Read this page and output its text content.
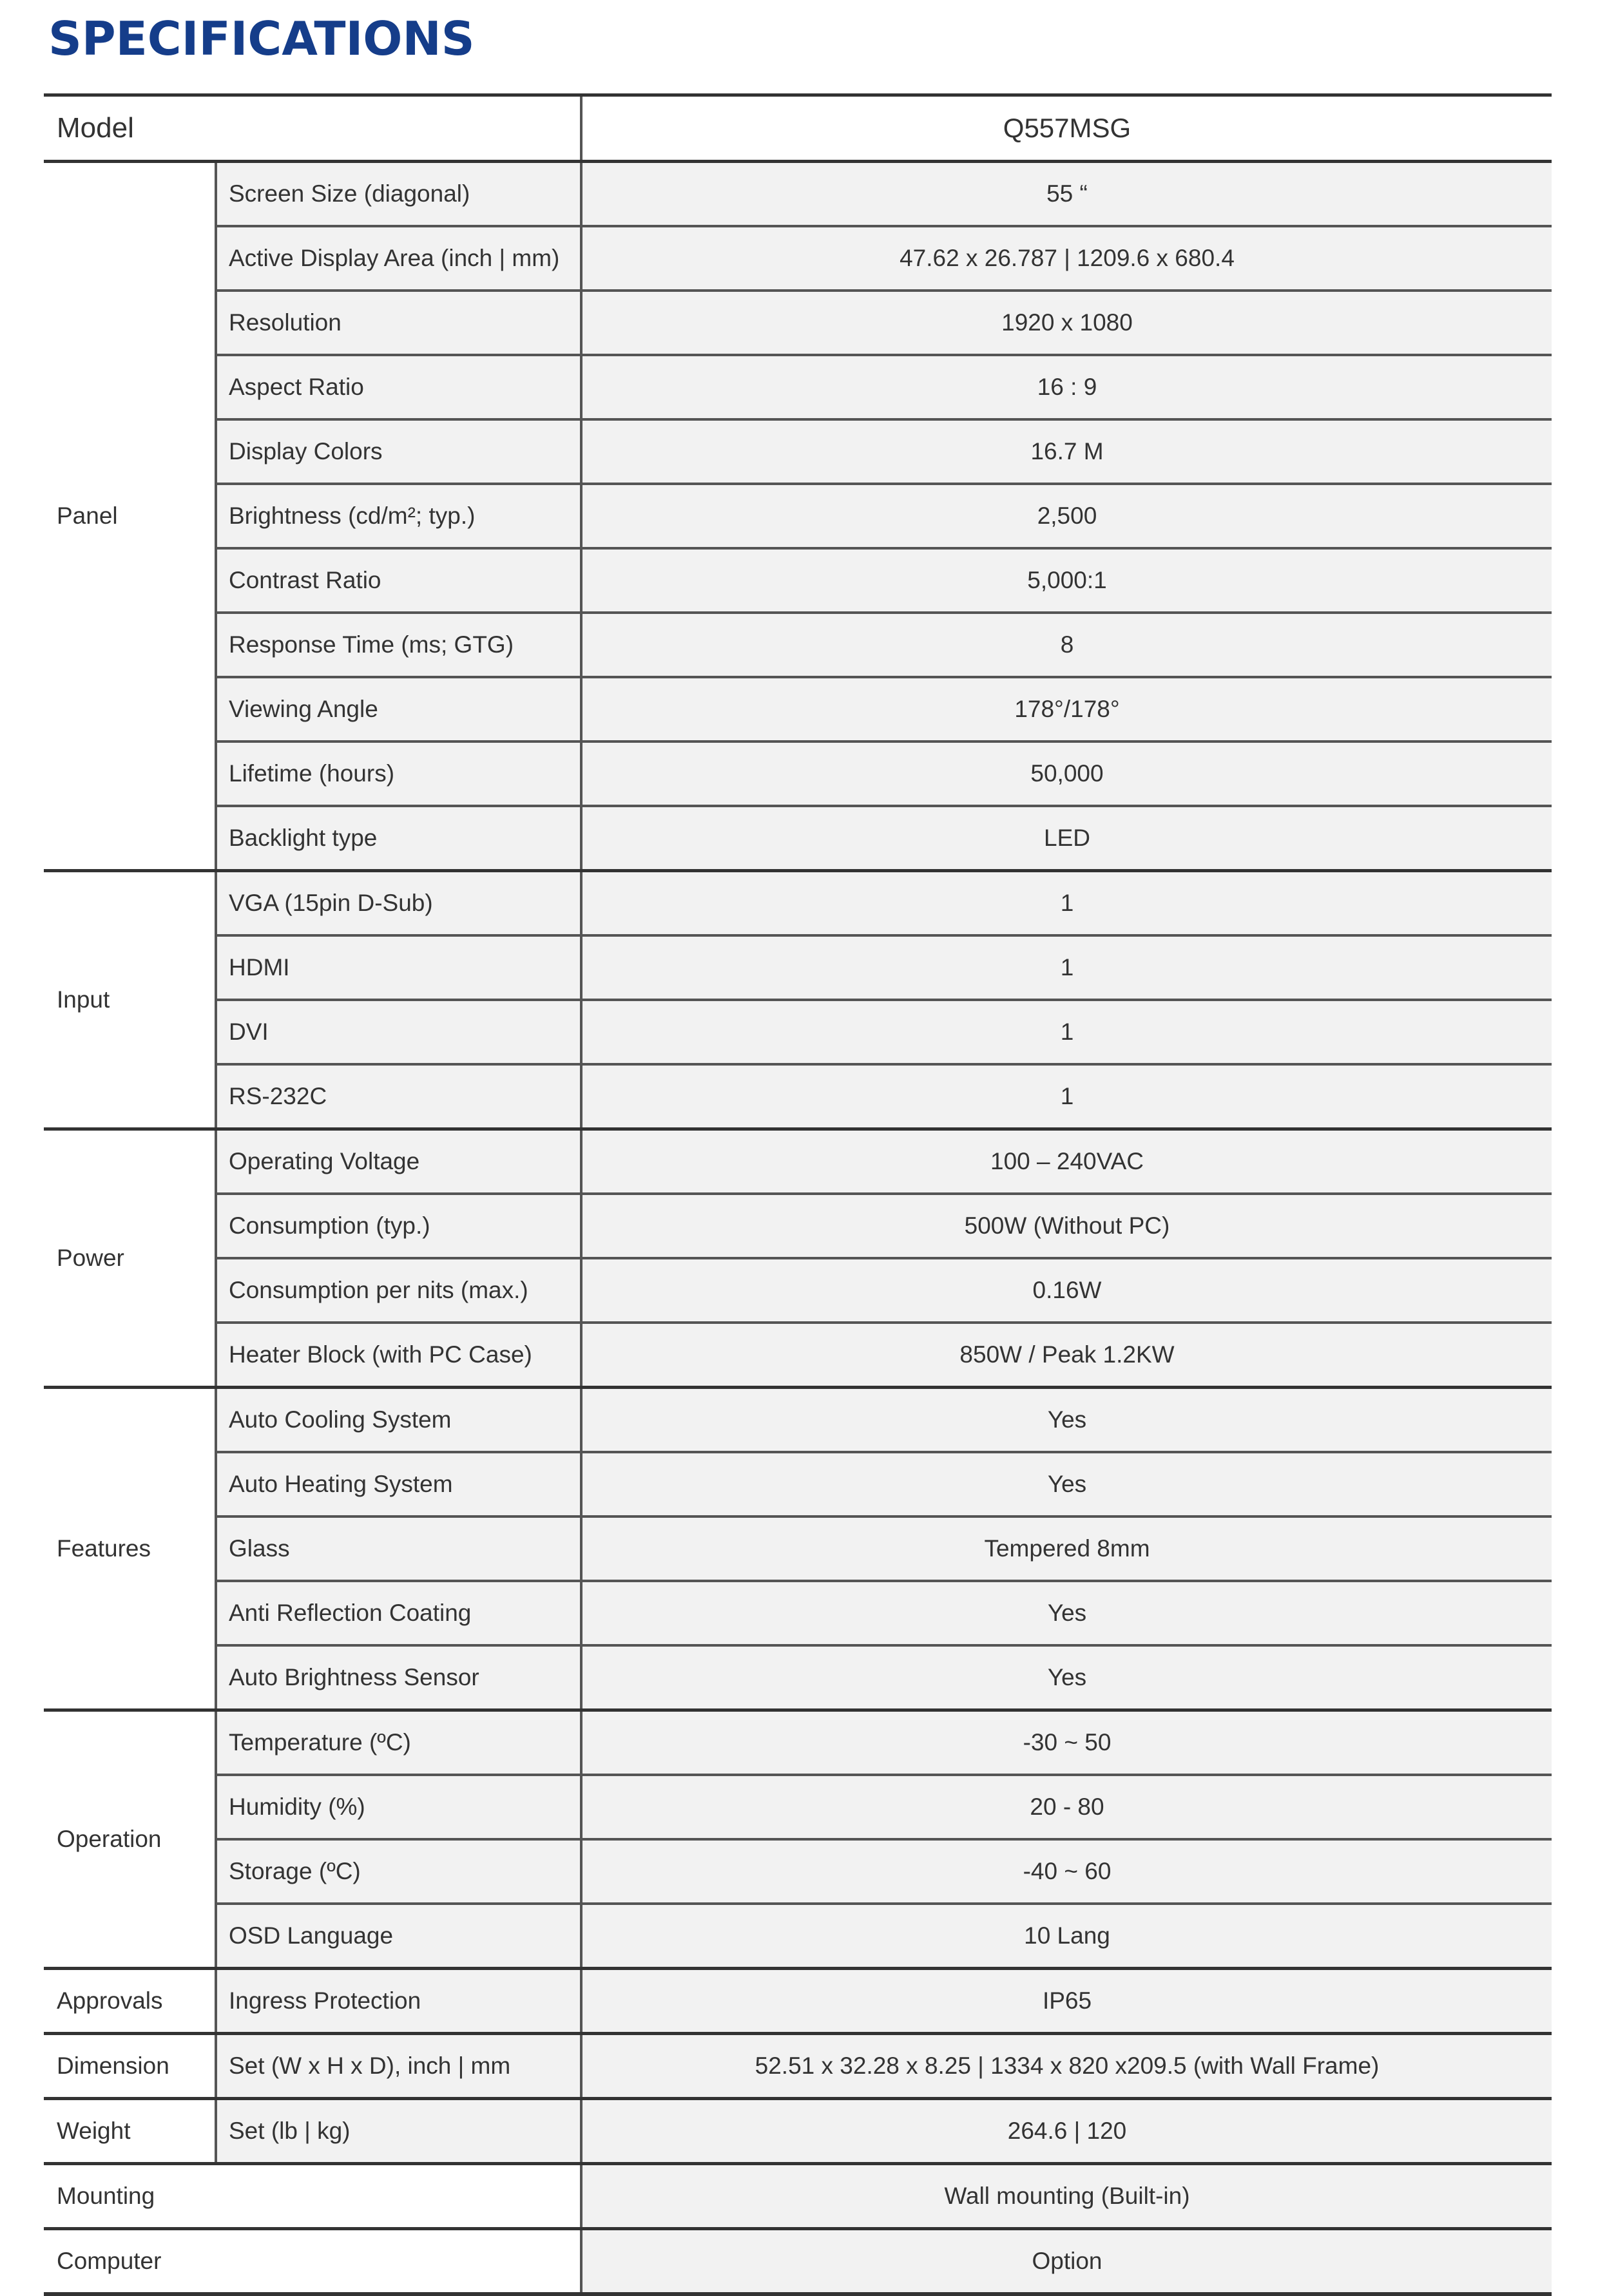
SPECIFICATIONS
Model		Q557MSG
Panel	Screen Size (diagonal)	55 “
	Active Display Area (inch | mm)	47.62 x 26.787 | 1209.6 x 680.4
	Resolution	1920 x 1080
	Aspect Ratio	16 : 9
	Display Colors	16.7 M
	Brightness (cd/m²; typ.)	2,500
	Contrast Ratio	5,000:1
	Response Time (ms; GTG)	8
	Viewing Angle	178°/178°
	Lifetime (hours)	50,000
	Backlight type	LED
Input	VGA (15pin D-Sub)	1
	HDMI	1
	DVI	1
	RS-232C	1
Power	Operating Voltage	100 – 240VAC
	Consumption (typ.)	500W (Without PC)
	Consumption per nits (max.)	0.16W
	Heater Block (with PC Case)	850W / Peak 1.2KW
Features	Auto Cooling System	Yes
	Auto Heating System	Yes
	Glass	Tempered 8mm
	Anti Reflection Coating	Yes
	Auto Brightness Sensor	Yes
Operation	Temperature (ºC)	-30 ~ 50
	Humidity (%)	20 - 80
	Storage (ºC)	-40 ~ 60
	OSD Language	10 Lang
Approvals	Ingress Protection	IP65
Dimension	Set (W x H x D), inch | mm	52.51 x 32.28 x 8.25 | 1334 x 820 x209.5 (with Wall Frame)
Weight	Set (lb | kg)	264.6 | 120
Mounting		Wall mounting (Built-in)
Computer		Option
